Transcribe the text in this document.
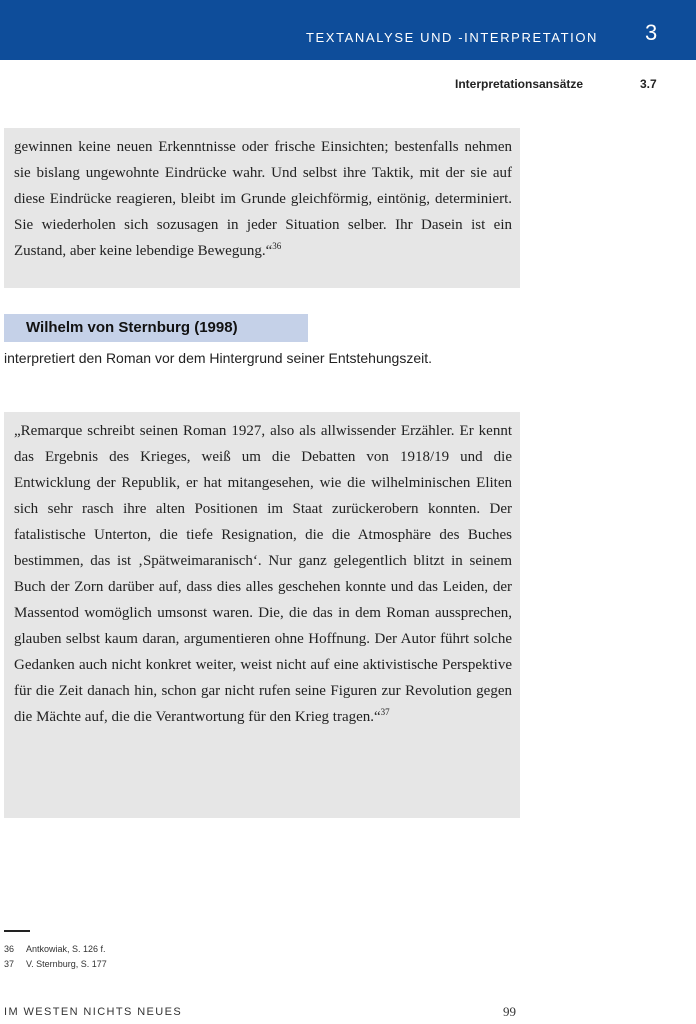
TEXTANALYSE UND -INTERPRETATION 3
Interpretationsansätze	3.7

gewinnen keine neuen Erkenntnisse oder frische Einsichten; bestenfalls nehmen sie bislang ungewohnte Eindrücke wahr. Und selbst ihre Taktik, mit der sie auf diese Eindrücke reagieren, bleibt im Grunde gleichförmig, eintönig, determiniert. Sie wiederholen sich sozusagen in jeder Situation selber. Ihr Dasein ist ein Zustand, aber keine lebendige Bewegung.“$^{36}$

Wilhelm von Sternburg (1998)

interpretiert den Roman vor dem Hintergrund seiner Entstehungszeit.

„Remarque schreibt seinen Roman 1927, also als allwissender Erzähler. Er kennt das Ergebnis des Krieges, weiß um die Debatten von 1918/19 und die Entwicklung der Republik, er hat mitangesehen, wie die wilhelminischen Eliten sich sehr rasch ihre alten Positionen im Staat zurückerobern konnten. Der fatalistische Unterton, die tiefe Resignation, die die Atmosphäre des Buches bestimmen, das ist ‚Spätweimaranisch‘. Nur ganz gelegentlich blitzt in seinem Buch der Zorn darüber auf, dass dies alles geschehen konnte und das Leiden, der Massentod womöglich umsonst waren. Die, die das in dem Roman aussprechen, glauben selbst kaum daran, argumentieren ohne Hoffnung. Der Autor führt solche Gedanken auch nicht konkret weiter, weist nicht auf eine aktivistische Perspektive für die Zeit danach hin, schon gar nicht rufen seine Figuren zur Revolution gegen die Mächte auf, die die Verantwortung für den Krieg tragen.“$^{37}$

36 Antkowiak, S. 126 f.
37 V. Sternburg, S. 177
IM WESTEN NICHTS NEUES	99
